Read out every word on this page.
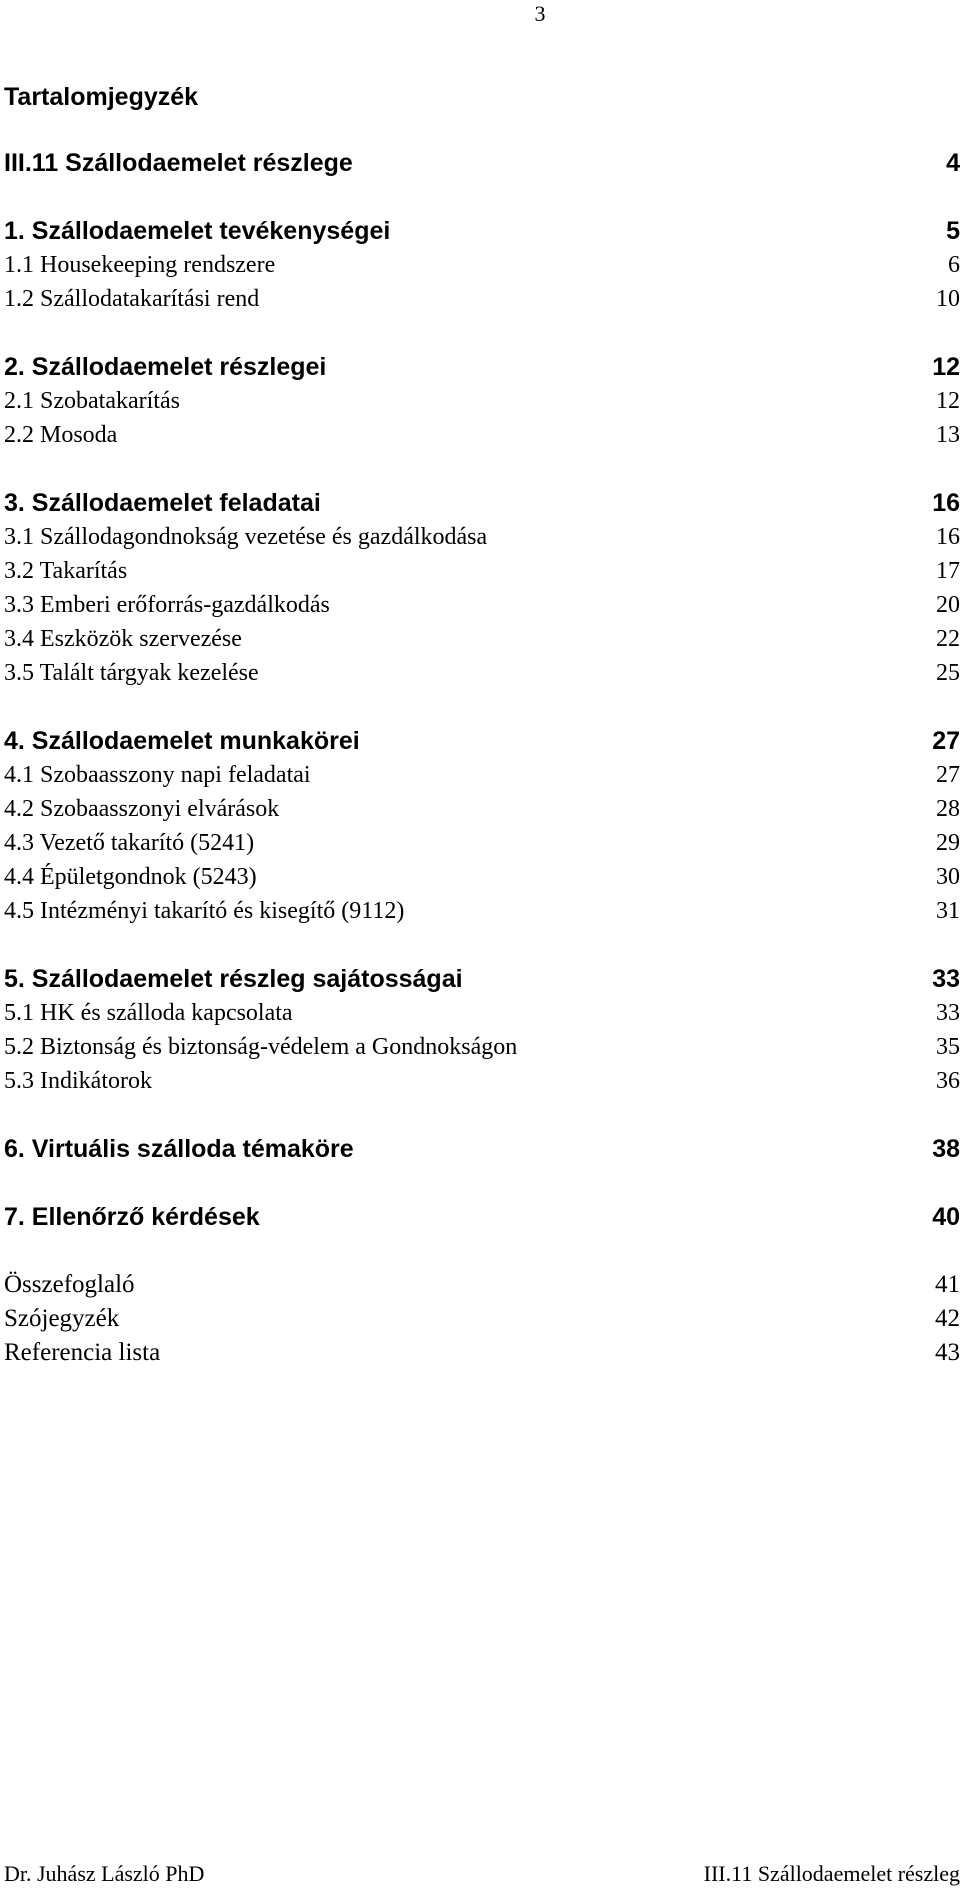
3
Tartalomjegyzék
III.11 Szállodaemelet részlege	4
1. Szállodaemelet tevékenységei	5
1.1 Housekeeping rendszere	6
1.2 Szállodatakarítási rend	10
2. Szállodaemelet részlegei	12
2.1 Szobatakarítás	12
2.2 Mosoda	13
3. Szállodaemelet feladatai	16
3.1 Szállodagondnokság vezetése és gazdálkodása	16
3.2 Takarítás	17
3.3 Emberi erőforrás-gazdálkodás	20
3.4 Eszközök szervezése	22
3.5 Talált tárgyak kezelése	25
4. Szállodaemelet munkakörei	27
4.1 Szobaasszony napi feladatai	27
4.2 Szobaasszonyi elvárások	28
4.3 Vezető takarító (5241)	29
4.4 Épületgondnok (5243)	30
4.5 Intézményi takarító és kisegítő (9112)	31
5. Szállodaemelet részleg sajátosságai	33
5.1 HK és szálloda kapcsolata	33
5.2 Biztonság és biztonság-védelem a Gondnokságon	35
5.3 Indikátorok	36
6. Virtuális szálloda témaköre	38
7. Ellenőrző kérdések	40
Összefoglaló	41
Szójegyzék	42
Referencia lista	43
Dr. Juhász László PhD	III.11 Szállodaemelet részleg
